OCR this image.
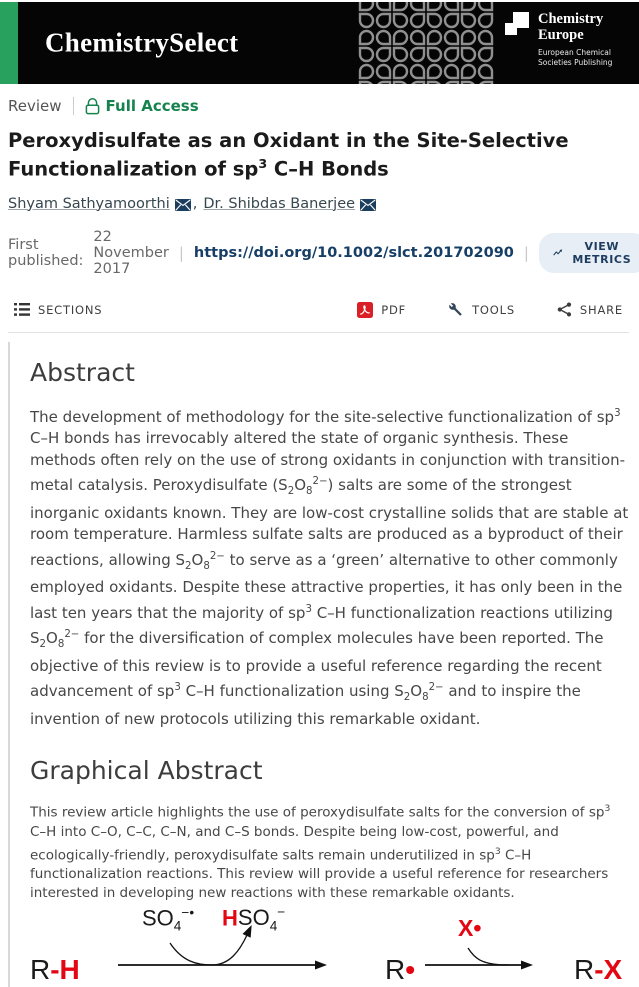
ChemistrySelect
Chemistry
Europe
European Chemical
Societies Publishing
Review	Full Access
Peroxydisulfate as an Oxidant in the Site-Selective Functionalization of $sp^3$ C–H Bonds
Shyam Sathyamoorthi , Dr. Shibdas Banerjee
First published:
22 November 2017
| https://doi.org/10.1002/slct.201702090 |	VIEW METRICS
SECTIONS	PDF	TOOLS	SHARE
Abstract

The development of methodology for the site-selective functionalization of $sp^3$ C–H bonds has irrevocably altered the state of organic synthesis. These methods often rely on the use of strong oxidants in conjunction with transition-metal catalysis. Peroxydisulfate $(S_2O_8^{2-})$ salts are some of the strongest inorganic oxidants known. They are low-cost crystalline solids that are stable at room temperature. Harmless sulfate salts are produced as a byproduct of their reactions, allowing $S_2O_8^{2-}$ to serve as a ‘green’ alternative to other commonly employed oxidants. Despite these attractive properties, it has only been in the last ten years that the majority of $sp^3$ C–H functionalization reactions utilizing $S_2O_8^{2-}$ for the diversification of complex molecules have been reported. The objective of this review is to provide a useful reference regarding the recent advancement of $sp^3$ C–H functionalization using $S_2O_8^{2-}$ and to inspire the invention of new protocols utilizing this remarkable oxidant.

Graphical Abstract

This review article highlights the use of peroxydisulfate salts for the conversion of $sp^3$ C–H into C–O, C–C, C–N, and C–S bonds. Despite being low-cost, powerful, and ecologically-friendly, peroxydisulfate salts remain underutilized in $sp^3$ C–H functionalization reactions. This review will provide a useful reference for researchers interested in developing new reactions with these remarkable oxidants.

R-H
$SO_4^{-•}$ $HSO_4^-$
R•
X•
R-X
